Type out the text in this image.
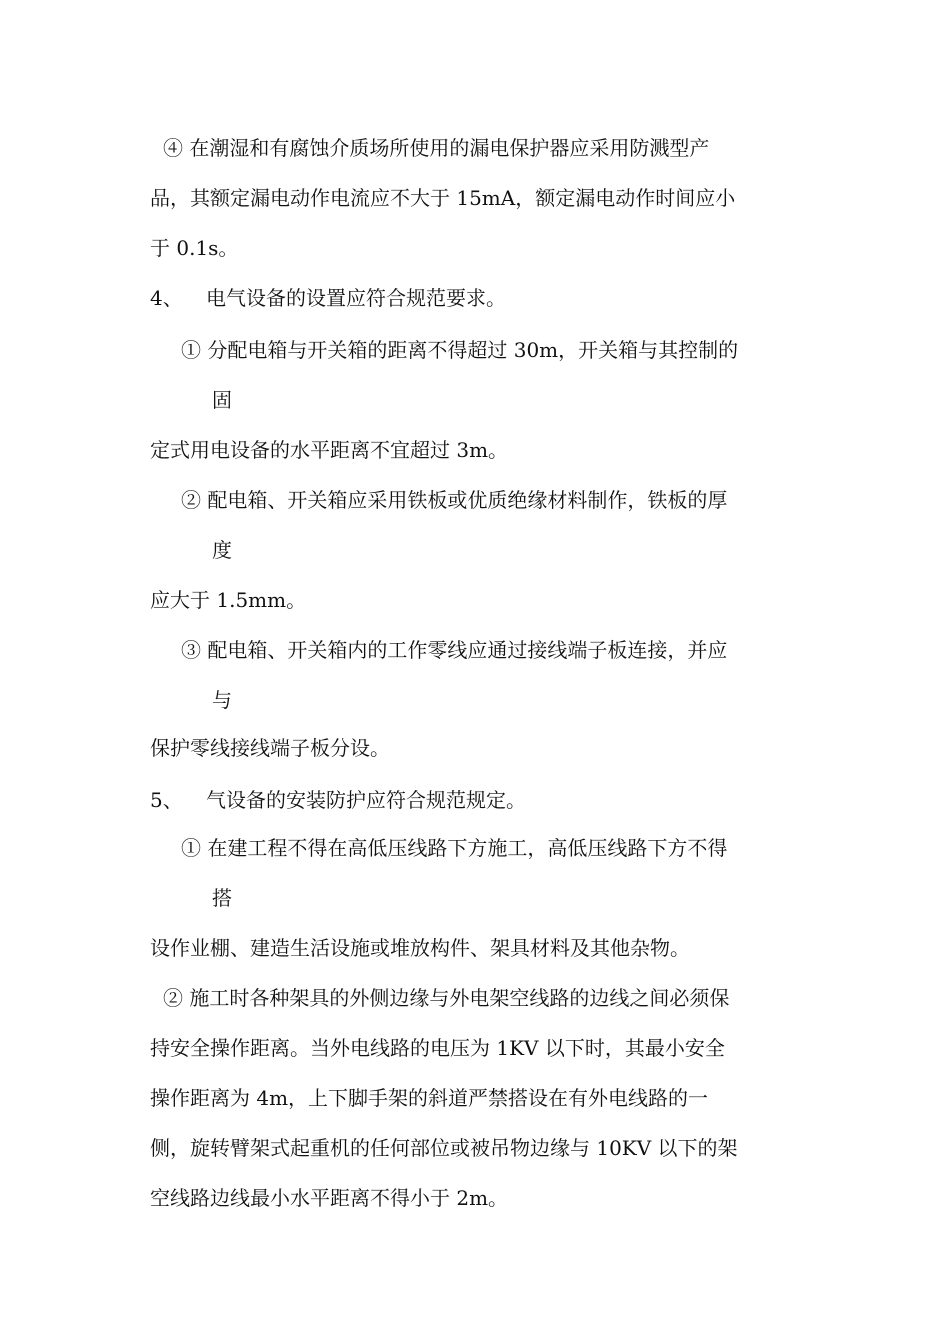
④ 在潮湿和有腐蚀介质场所使用的漏电保护器应采用防溅型产
品，其额定漏电动作电流应不大于 15mA，额定漏电动作时间应小
于 0.1s。
4、 电气设备的设置应符合规范要求。
① 分配电箱与开关箱的距离不得超过 30m，开关箱与其控制的
固
定式用电设备的水平距离不宜超过 3m。
② 配电箱、开关箱应采用铁板或优质绝缘材料制作，铁板的厚
度
应大于 1.5mm。
③ 配电箱、开关箱内的工作零线应通过接线端子板连接，并应
与
保护零线接线端子板分设。
5、 气设备的安装防护应符合规范规定。
① 在建工程不得在高低压线路下方施工，高低压线路下方不得
搭
设作业棚、建造生活设施或堆放构件、架具材料及其他杂物。
② 施工时各种架具的外侧边缘与外电架空线路的边线之间必须保
持安全操作距离。当外电线路的电压为 1KV 以下时，其最小安全
操作距离为 4m，上下脚手架的斜道严禁搭设在有外电线路的一
侧，旋转臂架式起重机的任何部位或被吊物边缘与 10KV 以下的架
空线路边线最小水平距离不得小于 2m。
